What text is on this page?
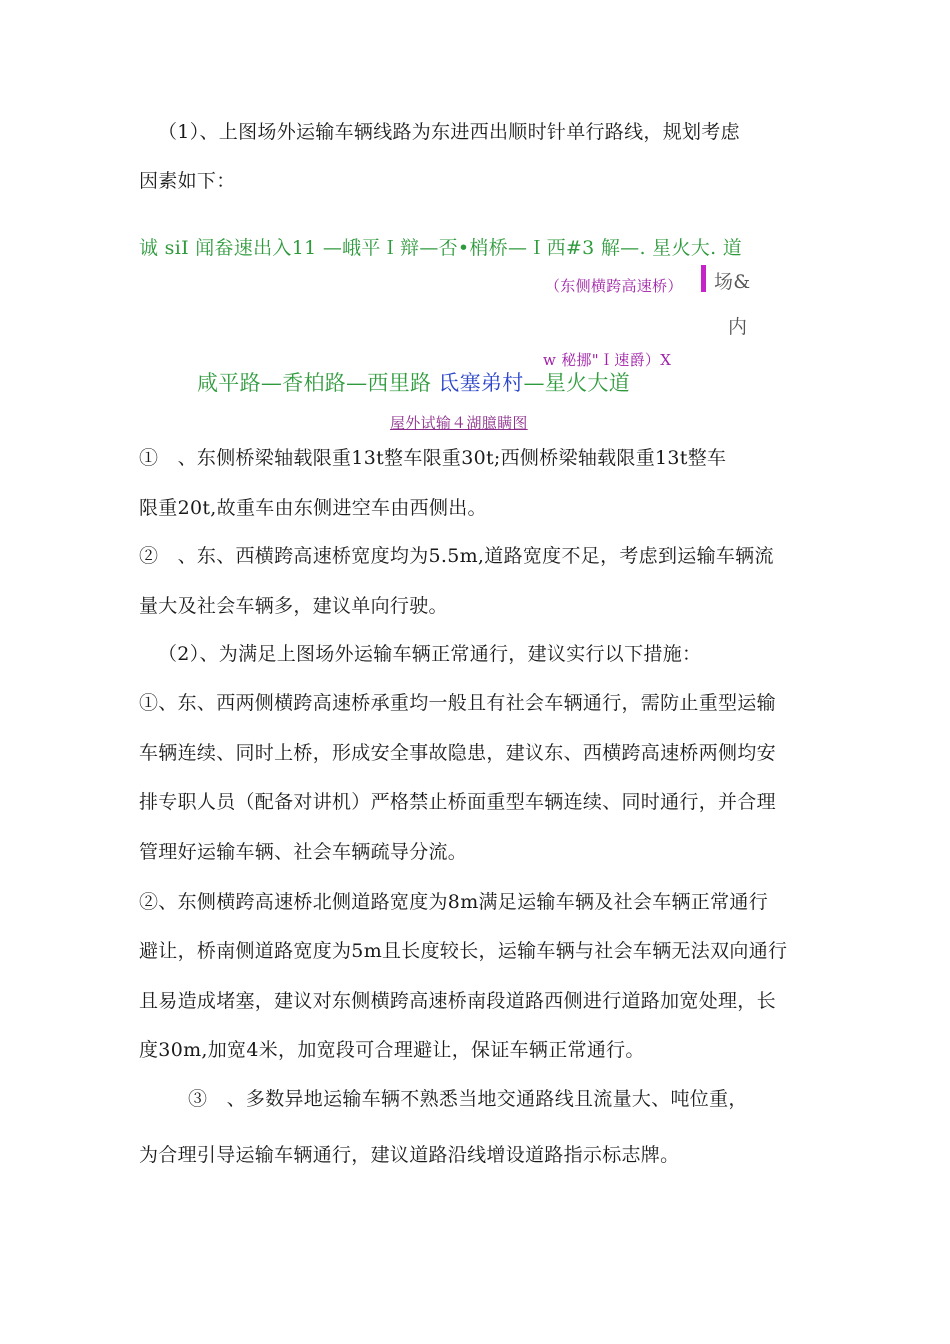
（1）、上图场外运输车辆线路为东进西出顺时针单行路线，规划考虑
因素如下：
诚 siI 闻畚速出入11 —峨平Ｉ辩—否•梢桥—Ｉ西#3 解—. 星火大. 道
（东侧横跨高速桥） 场&
内
w 秘挪"Ｉ速爵）X
咸平路—香柏路—西里路 氐塞弟村—星火大道
屋外试输４湖臆瞒图
①　、东侧桥梁轴载限重13t整车限重30t;西侧桥梁轴载限重13t整车
限重20t,故重车由东侧进空车由西侧出。
②　、东、西横跨高速桥宽度均为5.5m,道路宽度不足，考虑到运输车辆流
量大及社会车辆多，建议单向行驶。
（2）、为满足上图场外运输车辆正常通行，建议实行以下措施：
①、东、西两侧横跨高速桥承重均一般且有社会车辆通行，需防止重型运输
车辆连续、同时上桥，形成安全事故隐患，建议东、西横跨高速桥两侧均安
排专职人员（配备对讲机）严格禁止桥面重型车辆连续、同时通行，并合理
管理好运输车辆、社会车辆疏导分流。
②、东侧横跨高速桥北侧道路宽度为8m满足运输车辆及社会车辆正常通行
避让，桥南侧道路宽度为5m且长度较长，运输车辆与社会车辆无法双向通行
且易造成堵塞，建议对东侧横跨高速桥南段道路西侧进行道路加宽处理，长
度30m,加宽4米，加宽段可合理避让，保证车辆正常通行。
③　、多数异地运输车辆不熟悉当地交通路线且流量大、吨位重，
为合理引导运输车辆通行，建议道路沿线增设道路指示标志牌。
